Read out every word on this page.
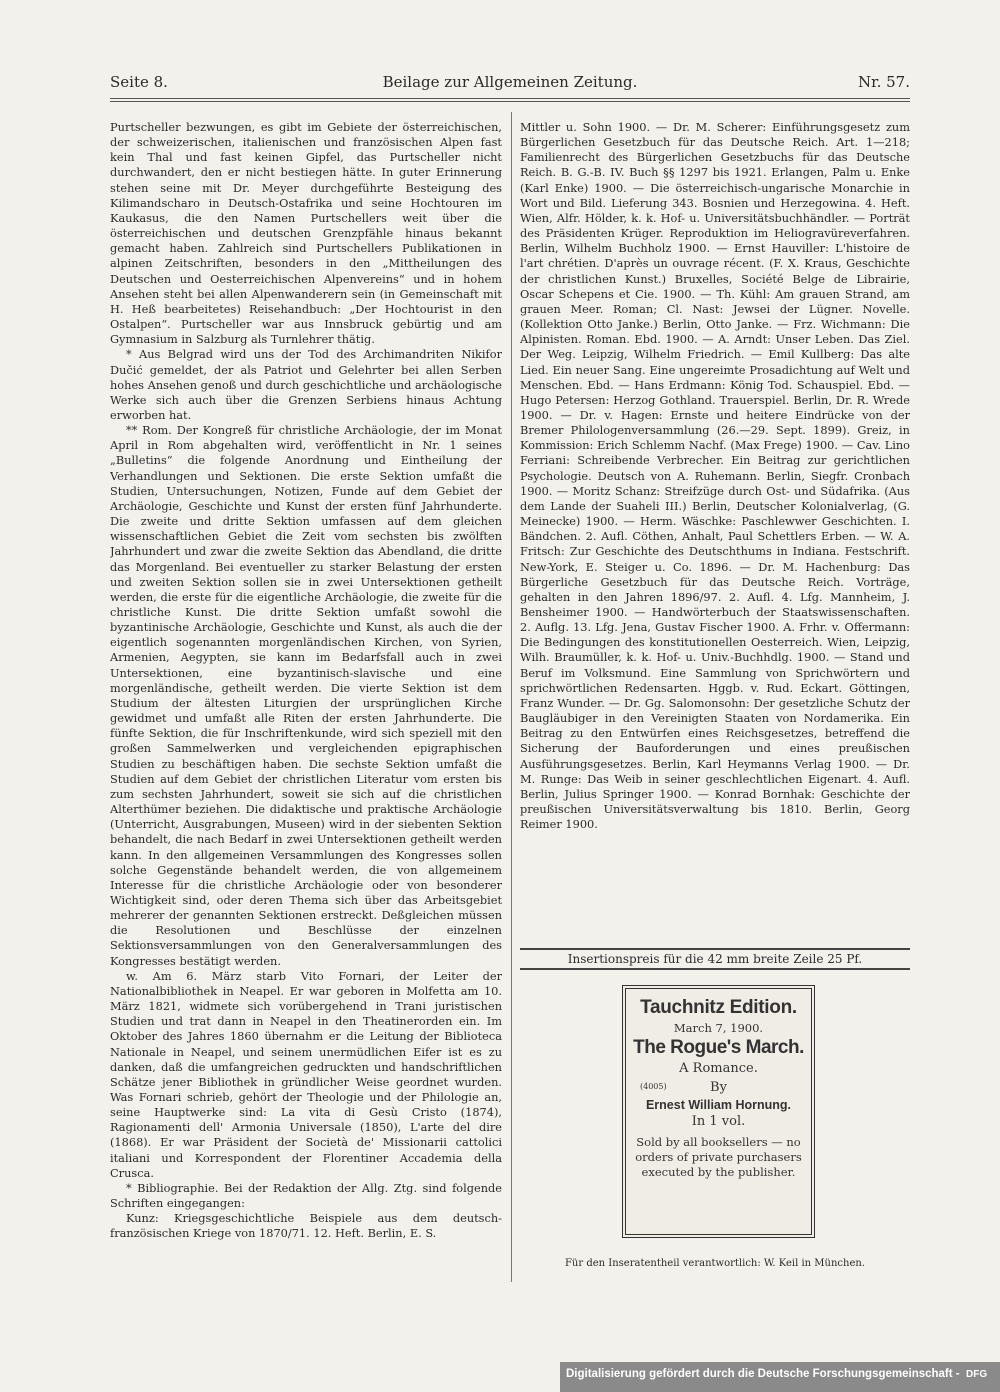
Seite 8.	Beilage zur Allgemeinen Zeitung.	Nr. 57.

Purtscheller bezwungen, es gibt im Gebiete der österreichischen, der schweizerischen, italienischen und französischen Alpen fast kein Thal und fast keinen Gipfel, das Purtscheller nicht durchwandert, den er nicht bestiegen hätte. In guter Erinnerung stehen seine mit Dr. Meyer durchgeführte Besteigung des Kilimandscharo in Deutsch-Ostafrika und seine Hochtouren im Kaukasus, die den Namen Purtschellers weit über die österreichischen und deutschen Grenzpfähle hinaus bekannt gemacht haben. Zahlreich sind Purtschellers Publikationen in alpinen Zeitschriften, besonders in den „Mittheilungen des Deutschen und Oesterreichischen Alpenvereins“ und in hohem Ansehen steht bei allen Alpenwanderern sein (in Gemeinschaft mit H. Heß bearbeitetes) Reisehandbuch: „Der Hochtourist in den Ostalpen“. Purtscheller war aus Innsbruck gebürtig und am Gymnasium in Salzburg als Turnlehrer thätig.

* Aus Belgrad wird uns der Tod des Archimandriten Nikifor Dučić gemeldet, der als Patriot und Gelehrter bei allen Serben hohes Ansehen genoß und durch geschichtliche und archäologische Werke sich auch über die Grenzen Serbiens hinaus Achtung erworben hat.

** Rom. Der Kongreß für christliche Archäologie, der im Monat April in Rom abgehalten wird, veröffentlicht in Nr. 1 seines „Bulletins“ die folgende Anordnung und Eintheilung der Verhandlungen und Sektionen. Die erste Sektion umfaßt die Studien, Untersuchungen, Notizen, Funde auf dem Gebiet der Archäologie, Geschichte und Kunst der ersten fünf Jahrhunderte. Die zweite und dritte Sektion umfassen auf dem gleichen wissenschaftlichen Gebiet die Zeit vom sechsten bis zwölften Jahrhundert und zwar die zweite Sektion das Abendland, die dritte das Morgenland. Bei eventueller zu starker Belastung der ersten und zweiten Sektion sollen sie in zwei Untersektionen getheilt werden, die erste für die eigentliche Archäologie, die zweite für die christliche Kunst. Die dritte Sektion umfaßt sowohl die byzantinische Archäologie, Geschichte und Kunst, als auch die der eigentlich sogenannten morgenländischen Kirchen, von Syrien, Armenien, Aegypten, sie kann im Bedarfsfall auch in zwei Untersektionen, eine byzantinisch-slavische und eine morgenländische, getheilt werden. Die vierte Sektion ist dem Studium der ältesten Liturgien der ursprünglichen Kirche gewidmet und umfaßt alle Riten der ersten Jahrhunderte. Die fünfte Sektion, die für Inschriftenkunde, wird sich speziell mit den großen Sammelwerken und vergleichenden epigraphischen Studien zu beschäftigen haben. Die sechste Sektion umfaßt die Studien auf dem Gebiet der christlichen Literatur vom ersten bis zum sechsten Jahrhundert, soweit sie sich auf die christlichen Alterthümer beziehen. Die didaktische und praktische Archäologie (Unterricht, Ausgrabungen, Museen) wird in der siebenten Sektion behandelt, die nach Bedarf in zwei Untersektionen getheilt werden kann. In den allgemeinen Versammlungen des Kongresses sollen solche Gegenstände behandelt werden, die von allgemeinem Interesse für die christliche Archäologie oder von besonderer Wichtigkeit sind, oder deren Thema sich über das Arbeitsgebiet mehrerer der genannten Sektionen erstreckt. Deßgleichen müssen die Resolutionen und Beschlüsse der einzelnen Sektionsversammlungen von den Generalversammlungen des Kongresses bestätigt werden.

w. Am 6. März starb Vito Fornari, der Leiter der Nationalbibliothek in Neapel. Er war geboren in Molfetta am 10. März 1821, widmete sich vorübergehend in Trani juristischen Studien und trat dann in Neapel in den Theatinerorden ein. Im Oktober des Jahres 1860 übernahm er die Leitung der Biblioteca Nationale in Neapel, und seinem unermüdlichen Eifer ist es zu danken, daß die umfangreichen gedruckten und handschriftlichen Schätze jener Bibliothek in gründlicher Weise geordnet wurden. Was Fornari schrieb, gehört der Theologie und der Philologie an, seine Hauptwerke sind: La vita di Gesù Cristo (1874), Ragionamenti dell' Armonia Universale (1850), L'arte del dire (1868). Er war Präsident der Società de' Missionarii cattolici italiani und Korrespondent der Florentiner Accademia della Crusca.

* Bibliographie. Bei der Redaktion der Allg. Ztg. sind folgende Schriften eingegangen:

Kunz: Kriegsgeschichtliche Beispiele aus dem deutsch-französischen Kriege von 1870/71. 12. Heft. Berlin, E. S.

Mittler u. Sohn 1900. — Dr. M. Scherer: Einführungsgesetz zum Bürgerlichen Gesetzbuch für das Deutsche Reich. Art. 1—218; Familienrecht des Bürgerlichen Gesetzbuchs für das Deutsche Reich. B. G.-B. IV. Buch §§ 1297 bis 1921. Erlangen, Palm u. Enke (Karl Enke) 1900. — Die österreichisch-ungarische Monarchie in Wort und Bild. Lieferung 343. Bosnien und Herzegowina. 4. Heft. Wien, Alfr. Hölder, k. k. Hof- u. Universitätsbuchhändler. — Porträt des Präsidenten Krüger. Reproduktion im Heliogravüreverfahren. Berlin, Wilhelm Buchholz 1900. — Ernst Hauviller: L'histoire de l'art chrétien. D'après un ouvrage récent. (F. X. Kraus, Geschichte der christlichen Kunst.) Bruxelles, Société Belge de Librairie, Oscar Schepens et Cie. 1900. — Th. Kühl: Am grauen Strand, am grauen Meer. Roman; Cl. Nast: Jewsei der Lügner. Novelle. (Kollektion Otto Janke.) Berlin, Otto Janke. — Frz. Wichmann: Die Alpinisten. Roman. Ebd. 1900. — A. Arndt: Unser Leben. Das Ziel. Der Weg. Leipzig, Wilhelm Friedrich. — Emil Kullberg: Das alte Lied. Ein neuer Sang. Eine ungereimte Prosadichtung auf Welt und Menschen. Ebd. — Hans Erdmann: König Tod. Schauspiel. Ebd. — Hugo Petersen: Herzog Gothland. Trauerspiel. Berlin, Dr. R. Wrede 1900. — Dr. v. Hagen: Ernste und heitere Eindrücke von der Bremer Philologenversammlung (26.—29. Sept. 1899). Greiz, in Kommission: Erich Schlemm Nachf. (Max Frege) 1900. — Cav. Lino Ferriani: Schreibende Verbrecher. Ein Beitrag zur gerichtlichen Psychologie. Deutsch von A. Ruhemann. Berlin, Siegfr. Cronbach 1900. — Moritz Schanz: Streifzüge durch Ost- und Südafrika. (Aus dem Lande der Suaheli III.) Berlin, Deutscher Kolonialverlag, (G. Meinecke) 1900. — Herm. Wäschke: Paschlewwer Geschichten. I. Bändchen. 2. Aufl. Cöthen, Anhalt, Paul Schettlers Erben. — W. A. Fritsch: Zur Geschichte des Deutschthums in Indiana. Festschrift. New-York, E. Steiger u. Co. 1896. — Dr. M. Hachenburg: Das Bürgerliche Gesetzbuch für das Deutsche Reich. Vorträge, gehalten in den Jahren 1896/97. 2. Aufl. 4. Lfg. Mannheim, J. Bensheimer 1900. — Handwörterbuch der Staatswissenschaften. 2. Auflg. 13. Lfg. Jena, Gustav Fischer 1900. A. Frhr. v. Offermann: Die Bedingungen des konstitutionellen Oesterreich. Wien, Leipzig, Wilh. Braumüller, k. k. Hof- u. Univ.-Buchhdlg. 1900. — Stand und Beruf im Volksmund. Eine Sammlung von Sprichwörtern und sprichwörtlichen Redensarten. Hggb. v. Rud. Eckart. Göttingen, Franz Wunder. — Dr. Gg. Salomonsohn: Der gesetzliche Schutz der Baugläubiger in den Vereinigten Staaten von Nordamerika. Ein Beitrag zu den Entwürfen eines Reichsgesetzes, betreffend die Sicherung der Bauforderungen und eines preußischen Ausführungsgesetzes. Berlin, Karl Heymanns Verlag 1900. — Dr. M. Runge: Das Weib in seiner geschlechtlichen Eigenart. 4. Aufl. Berlin, Julius Springer 1900. — Konrad Bornhak: Geschichte der preußischen Universitätsverwaltung bis 1810. Berlin, Georg Reimer 1900.

Insertionspreis für die 42 mm breite Zeile 25 Pf.
Tauchnitz Edition.
March 7, 1900.
The Rogue's March.
A Romance.
(4005)	By
Ernest William Hornung.
In 1 vol.
Sold by all booksellers — no orders of private purchasers executed by the publisher.
Für den Inseratentheil verantwortlich: W. Keil in München.
Digitalisierung gefördert durch die Deutsche Forschungsgemeinschaft - DFG
